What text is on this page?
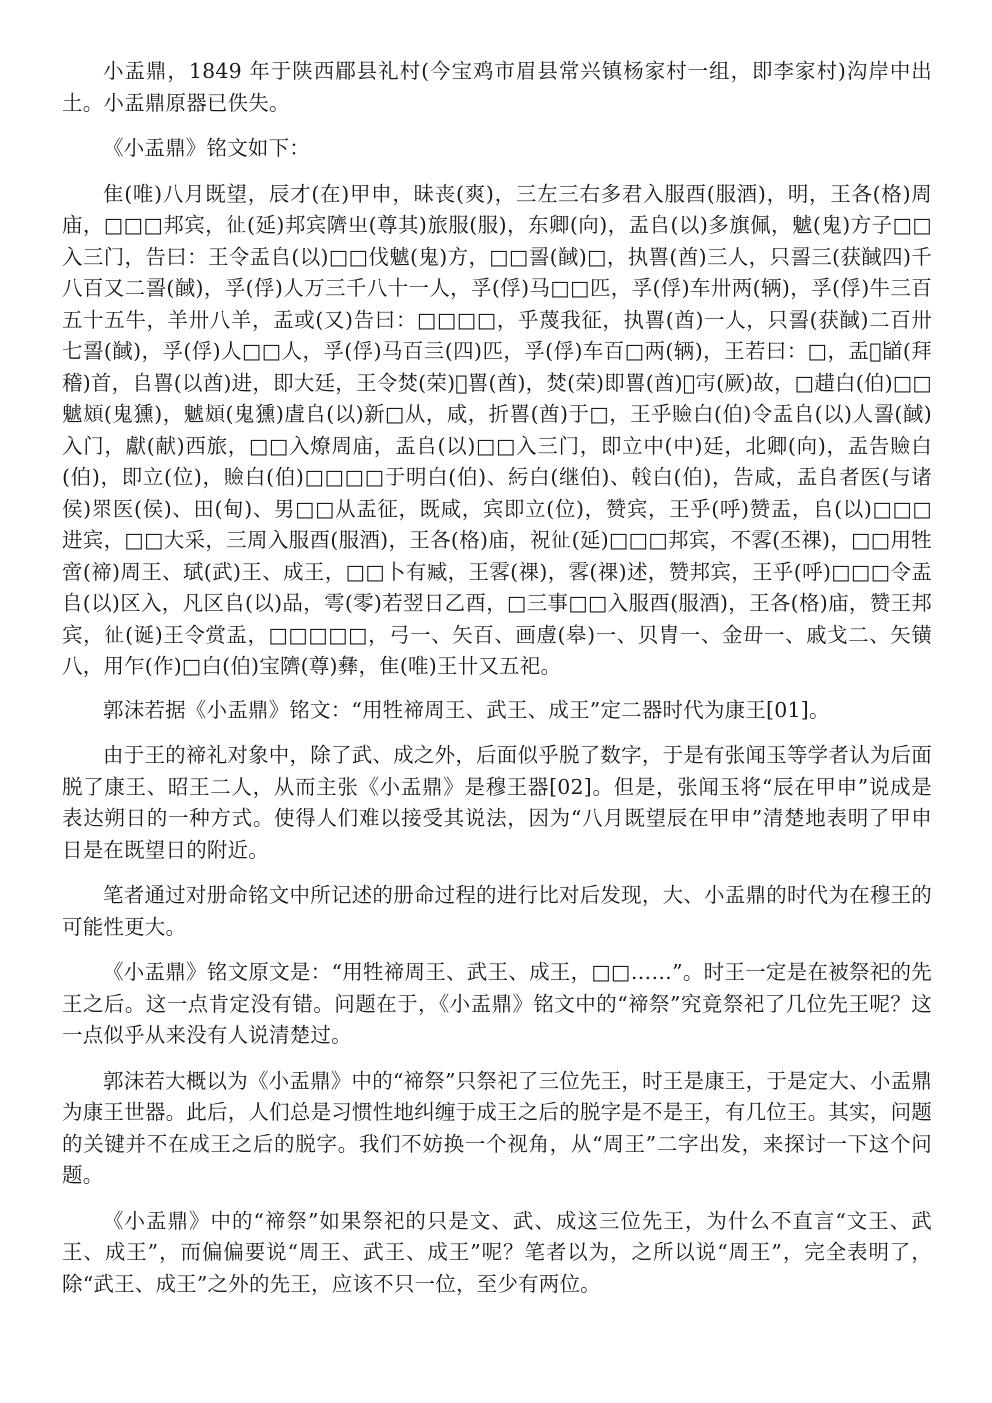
小盂鼎，1849 年于陕西郿县礼村(今宝鸡市眉县常兴镇杨家村一组，即李家村)沟岸中出土。小盂鼎原器已佚失。

《小盂鼎》铭文如下：

隹(唯)八月既望，辰才(在)甲申，昧丧(爽)，三左三右多君入服酉(服酒)，明，王各(格)周庙，□□□邦宾，𢓊(延)邦宾隮㞢(尊其)旅服(服)，东卿(向)，盂𠂤(以)多旗佩，䰧(鬼)方子□□入三门，告曰：王令盂𠂤(以)□□伐䰧(鬼)方，□□䛐(馘)□，执嘼(酋)三人，只䛐三(获馘四)千八百又二䛐(馘)，孚(俘)人万三千八十一人，孚(俘)马□□匹，孚(俘)车卅两(辆)，孚(俘)牛三百五十五牛，羊卅八羊，盂或(又)告曰：□□□□，乎蔑我征，执嘼(酋)一人，只䛐(获馘)二百卅七䛐(馘)，孚(俘)人□□人，孚(俘)马百亖(四)匹，孚(俘)车百□两(辆)，王若曰：□，盂𢱭䭫(拜稽)首，𠂤嘼(以酋)进，即大廷，王令焚(荣)𨗵嘼(酋)，焚(荣)即嘼(酋)𨗵𡧍(厥)故，□趞白(伯)□□䰧𩑱(鬼獯)，䰧𩑱(鬼獯)虘𠂤(以)新□从，咸，折嘼(酋)于□，王乎𧸘白(伯)令盂𠂤(以)人䛐(馘)入门，獻(献)西旅，□□入燎周庙，盂𠂤(以)□□入三门，即立中(中)廷，北卿(向)，盂告𧸘白(伯)，即立(位)，𧸘白(伯)□□□□于明白(伯)、䊸白(继伯)、𢧢白(伯)，告咸，盂𠂤者医(与诸侯)眔医(侯)、田(甸)、男□□从盂征，既咸，宾即立(位)，赞宾，王乎(呼)赞盂，𠂤(以)□□□进宾，□□大采，三周入服酉(服酒)，王各(格)庙，祝𢓊(延)□□□邦宾，不𩂣(丕祼)，□□用牲啻(禘)周王、珷(武)王、成王，□□卜有臧，王𩂣(祼)，𩂣(祼)述，赞邦宾，王乎(呼)□□□令盂𠂤(以)区入，凡区𠂤(以)品，雩(零)若翌日乙酉，□三事□□入服酉(服酒)，王各(格)庙，赞王邦宾，𢓊(诞)王令赏盂，□□□□□，弓一、矢百、画䖒(皋)一、贝胄一、金毌一、戚戈二、矢𨱑八，用乍(作)□白(伯)宝隮(尊)彝，隹(唯)王卄又五祀。

郭沫若据《小盂鼎》铭文：“用牲禘周王、武王、成王”定二器时代为康王[01]。

由于王的禘礼对象中，除了武、成之外，后面似乎脱了数字，于是有张闻玉等学者认为后面脱了康王、昭王二人，从而主张《小盂鼎》是穆王器[02]。但是，张闻玉将“辰在甲申”说成是表达朔日的一种方式。使得人们难以接受其说法，因为“八月既望辰在甲申”清楚地表明了甲申日是在既望日的附近。

笔者通过对册命铭文中所记述的册命过程的进行比对后发现，大、小盂鼎的时代为在穆王的可能性更大。

《小盂鼎》铭文原文是：“用牲禘周王、武王、成王，□□……”。时王一定是在被祭祀的先王之后。这一点肯定没有错。问题在于，《小盂鼎》铭文中的“禘祭”究竟祭祀了几位先王呢？这一点似乎从来没有人说清楚过。

郭沫若大概以为《小盂鼎》中的“禘祭”只祭祀了三位先王，时王是康王，于是定大、小盂鼎为康王世器。此后，人们总是习惯性地纠缠于成王之后的脱字是不是王，有几位王。其实，问题的关键并不在成王之后的脱字。我们不妨换一个视角，从“周王”二字出发，来探讨一下这个问题。

《小盂鼎》中的“禘祭”如果祭祀的只是文、武、成这三位先王，为什么不直言“文王、武王、成王”，而偏偏要说“周王、武王、成王”呢？笔者以为，之所以说“周王”，完全表明了，除“武王、成王”之外的先王，应该不只一位，至少有两位。
